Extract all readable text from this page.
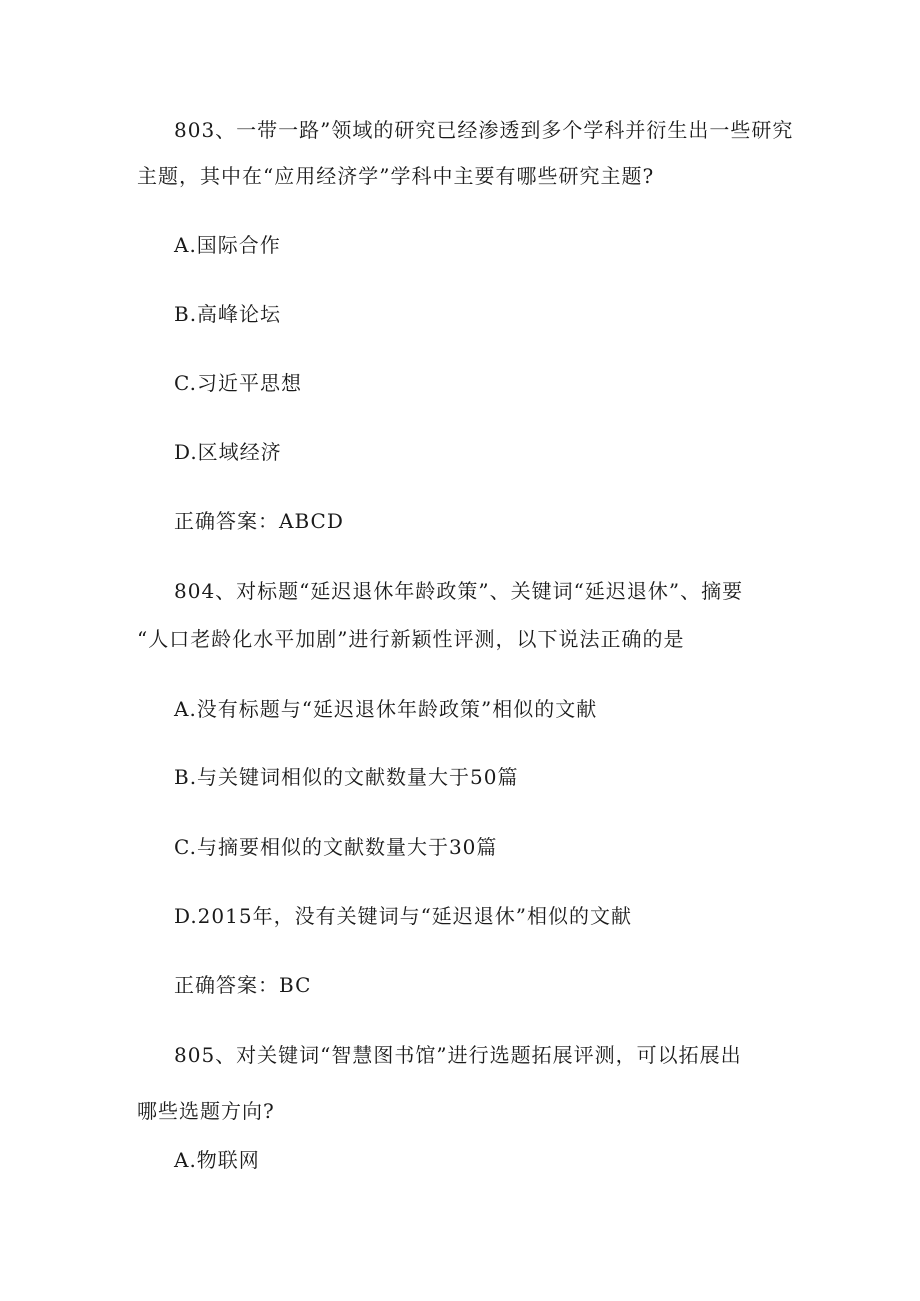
803、一带一路”领域的研究已经渗透到多个学科并衍生出一些研究
主题，其中在“应用经济学”学科中主要有哪些研究主题?
A.国际合作
B.高峰论坛
C.习近平思想
D.区域经济
正确答案：ABCD
804、对标题“延迟退休年龄政策”、关键词“延迟退休”、摘要
“人口老龄化水平加剧”进行新颖性评测，以下说法正确的是
A.没有标题与“延迟退休年龄政策”相似的文献
B.与关键词相似的文献数量大于50篇
C.与摘要相似的文献数量大于30篇
D.2015年，没有关键词与“延迟退休”相似的文献
正确答案：BC
805、对关键词“智慧图书馆”进行选题拓展评测，可以拓展出
哪些选题方向?
A.物联网
